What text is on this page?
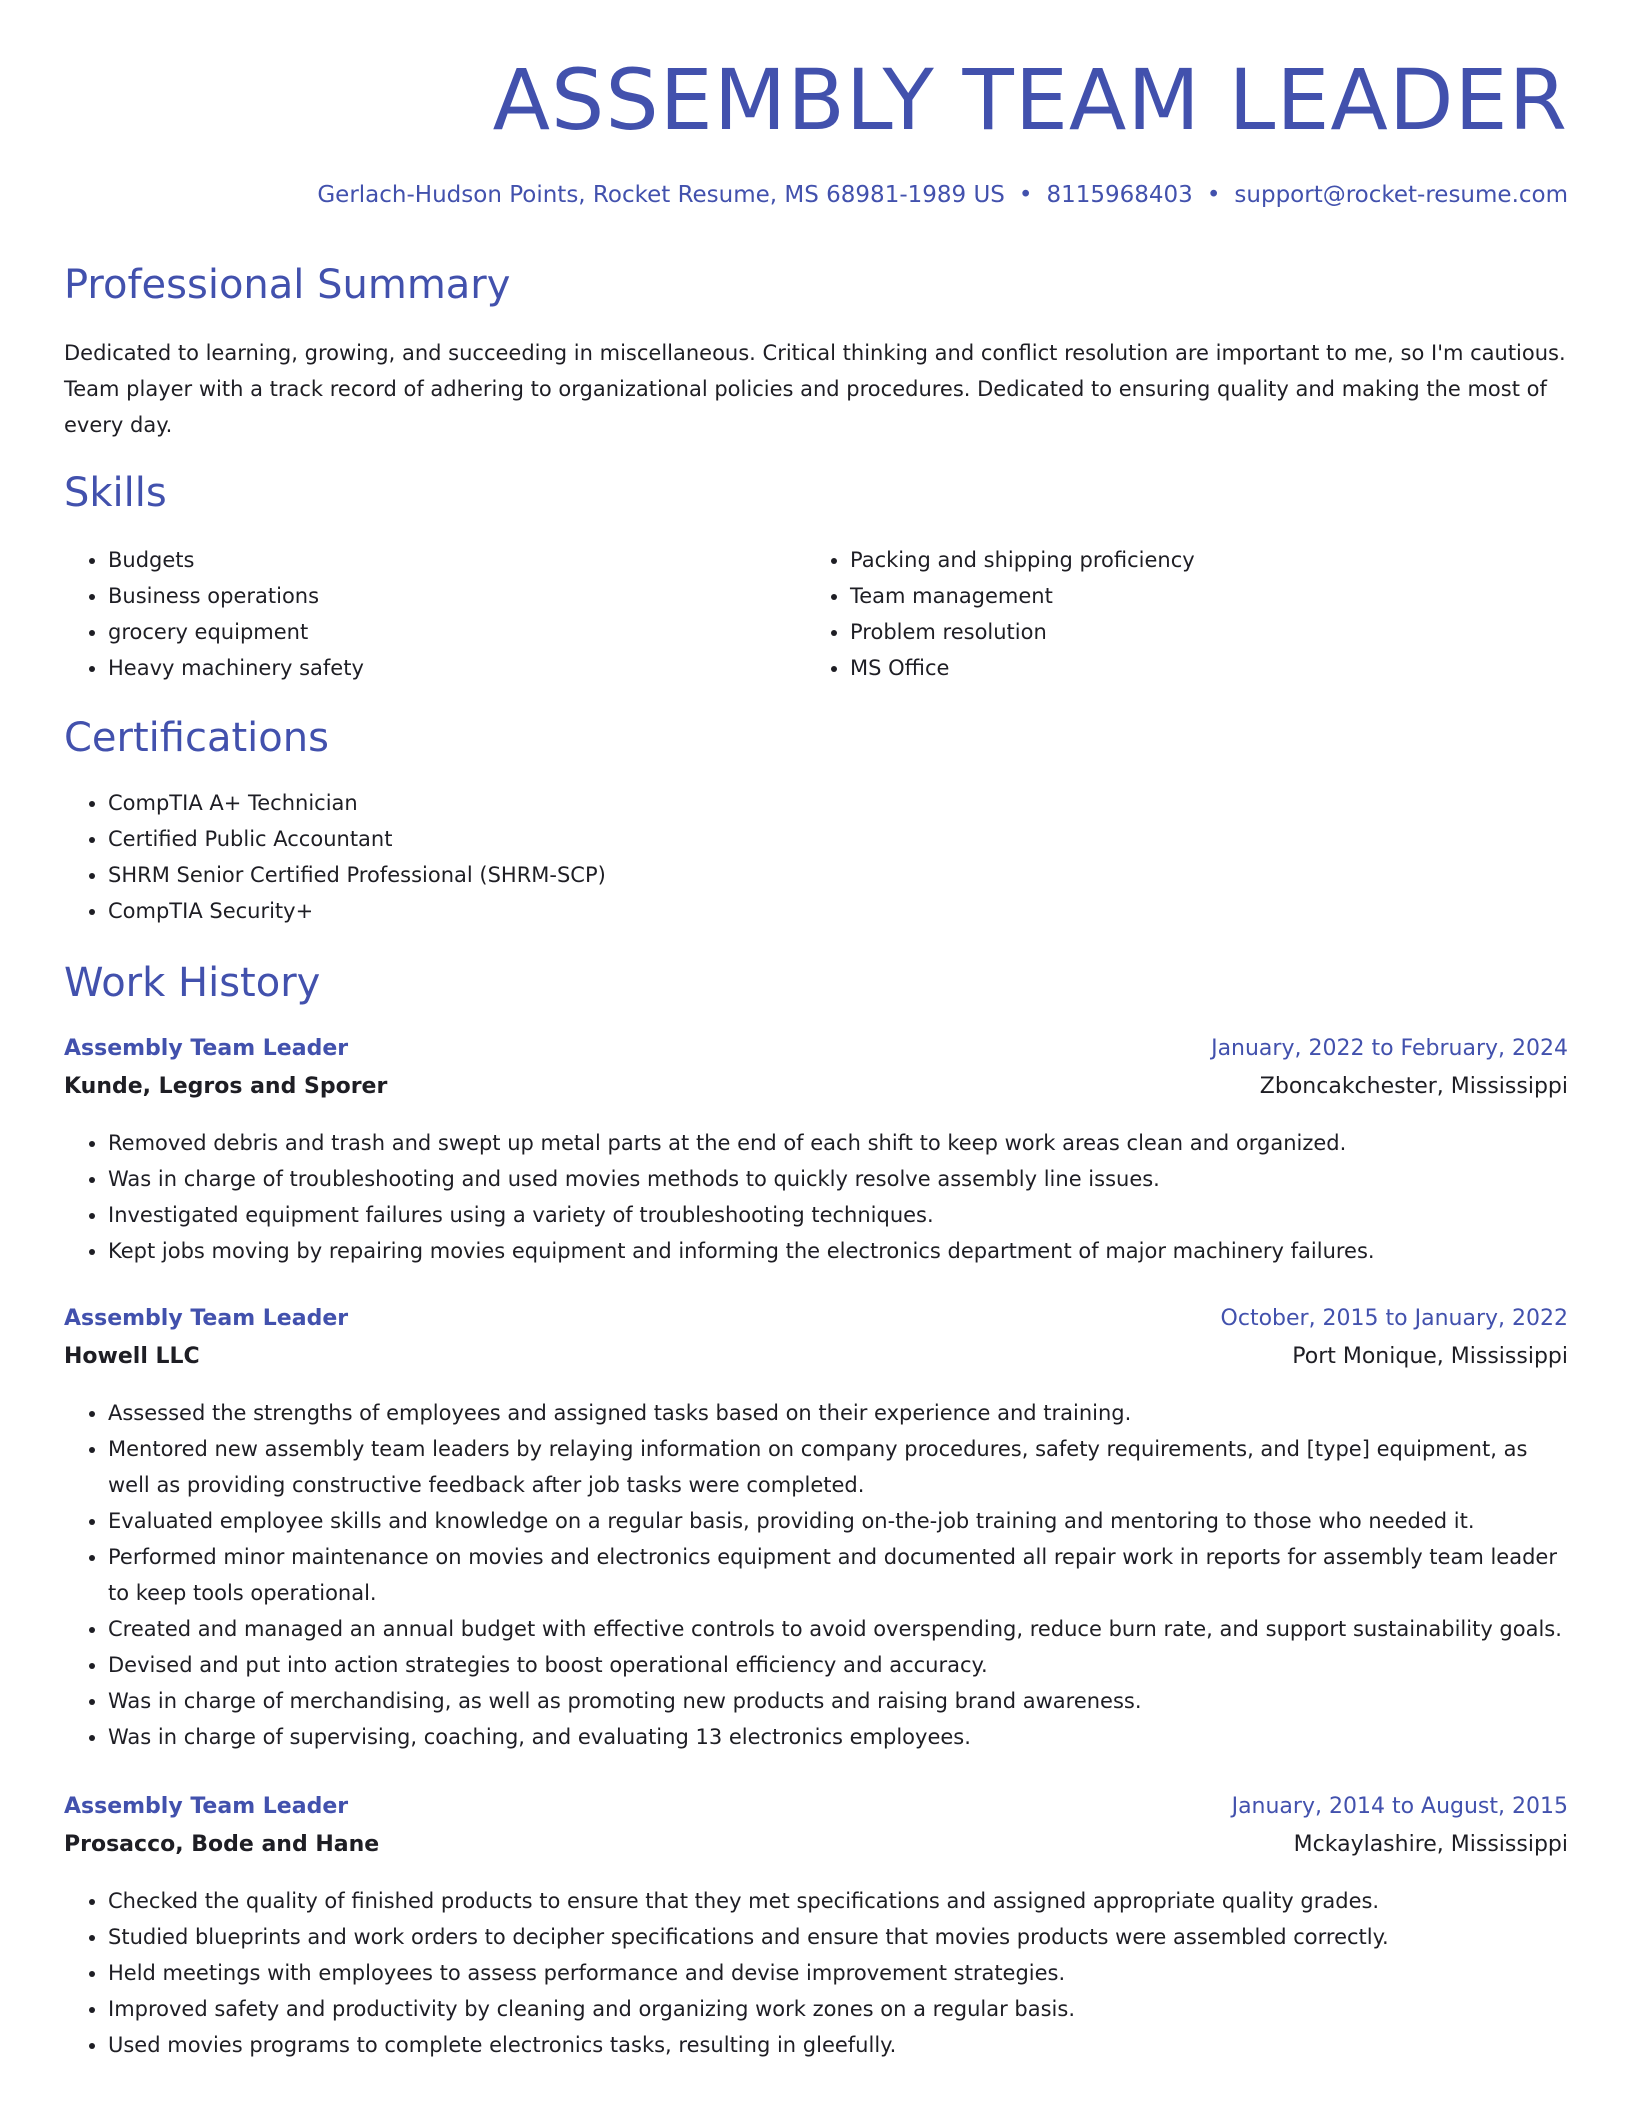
ASSEMBLY TEAM LEADER
Gerlach-Hudson Points, Rocket Resume, MS 68981-1989 US • 8115968403 • support@rocket-resume.com
Professional Summary

Dedicated to learning, growing, and succeeding in miscellaneous. Critical thinking and conflict resolution are important to me, so I'm cautious. Team player with a track record of adhering to organizational policies and procedures. Dedicated to ensuring quality and making the most of every day.

Skills
• Budgets
• Business operations
• grocery equipment
• Heavy machinery safety
• Packing and shipping proficiency
• Team management
• Problem resolution
• MS Office
Certifications
• CompTIA A+ Technician
• Certified Public Accountant
• SHRM Senior Certified Professional (SHRM-SCP)
• CompTIA Security+
Work History
Assembly Team Leader	January, 2022 to February, 2024
Kunde, Legros and Sporer	Zboncakchester, Mississippi
• Removed debris and trash and swept up metal parts at the end of each shift to keep work areas clean and organized.
• Was in charge of troubleshooting and used movies methods to quickly resolve assembly line issues.
• Investigated equipment failures using a variety of troubleshooting techniques.
• Kept jobs moving by repairing movies equipment and informing the electronics department of major machinery failures.
Assembly Team Leader	October, 2015 to January, 2022
Howell LLC	Port Monique, Mississippi
• Assessed the strengths of employees and assigned tasks based on their experience and training.
• Mentored new assembly team leaders by relaying information on company procedures, safety requirements, and [type] equipment, as well as providing constructive feedback after job tasks were completed.
• Evaluated employee skills and knowledge on a regular basis, providing on-the-job training and mentoring to those who needed it.
• Performed minor maintenance on movies and electronics equipment and documented all repair work in reports for assembly team leader to keep tools operational.
• Created and managed an annual budget with effective controls to avoid overspending, reduce burn rate, and support sustainability goals.
• Devised and put into action strategies to boost operational efficiency and accuracy.
• Was in charge of merchandising, as well as promoting new products and raising brand awareness.
• Was in charge of supervising, coaching, and evaluating 13 electronics employees.
Assembly Team Leader	January, 2014 to August, 2015
Prosacco, Bode and Hane	Mckaylashire, Mississippi
• Checked the quality of finished products to ensure that they met specifications and assigned appropriate quality grades.
• Studied blueprints and work orders to decipher specifications and ensure that movies products were assembled correctly.
• Held meetings with employees to assess performance and devise improvement strategies.
• Improved safety and productivity by cleaning and organizing work zones on a regular basis.
• Used movies programs to complete electronics tasks, resulting in gleefully.
